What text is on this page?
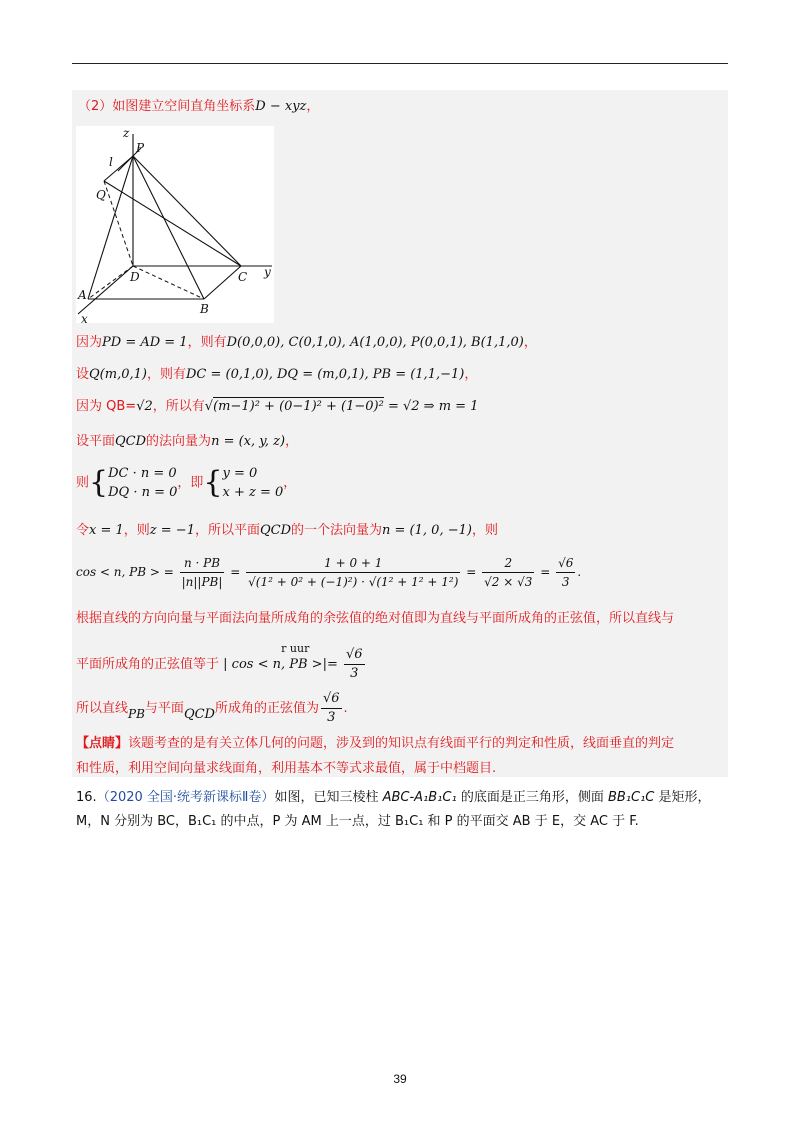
（2）如图建立空间直角坐标系D − xyz，
z
P
l
Q
D	C y
A
B
x
因为PD = AD = 1，则有D(0,0,0), C(0,1,0), A(1,0,0), P(0,0,1), B(1,1,0)，
设Q(m,0,1)，则有DC = (0,1,0), DQ = (m,0,1), PB = (1,1,−1)，
因为 QB=√2，所以有√(m−1)² + (0−1)² + (1−0)² = √2 ⇒ m = 1
设平面QCD的法向量为n = (x, y, z)，
则{DC · n = 0
DQ · n = 0，即{y = 0
x + z = 0，
令x = 1，则z = −1，所以平面QCD的一个法向量为n = (1, 0, −1)，则
cos < n, PB > = $\frac{n \cdot PB}{|n||PB|} = \frac{1 + 0 + 1}{\text{√(1² + 0² + (−1)²) · √(1² + 1² + 1²)}} = \frac{2}{√2 \times √3} = \frac{√6}{3}$ .
根据直线的方向向量与平面法向量所成角的余弦值的绝对值即为直线与平面所成角的正弦值，所以直线与
平面所成角的正弦值等于
r uur
| cos < n, PB >|= $\frac{√6}{3}$
所以直线PB与平面QCD所成角的正弦值为 $\frac{√6}{3}$ .
【点睛】该题考查的是有关立体几何的问题，涉及到的知识点有线面平行的判定和性质，线面垂直的判定
和性质，利用空间向量求线面角，利用基本不等式求最值，属于中档题目.
16.（2020 全国·统考新课标Ⅱ卷）如图，已知三棱柱 ABC-A₁B₁C₁ 的底面是正三角形，侧面 BB₁C₁C 是矩形，
M，N 分别为 BC，B₁C₁ 的中点，P 为 AM 上一点，过 B₁C₁ 和 P 的平面交 AB 于 E，交 AC 于 F.
39
